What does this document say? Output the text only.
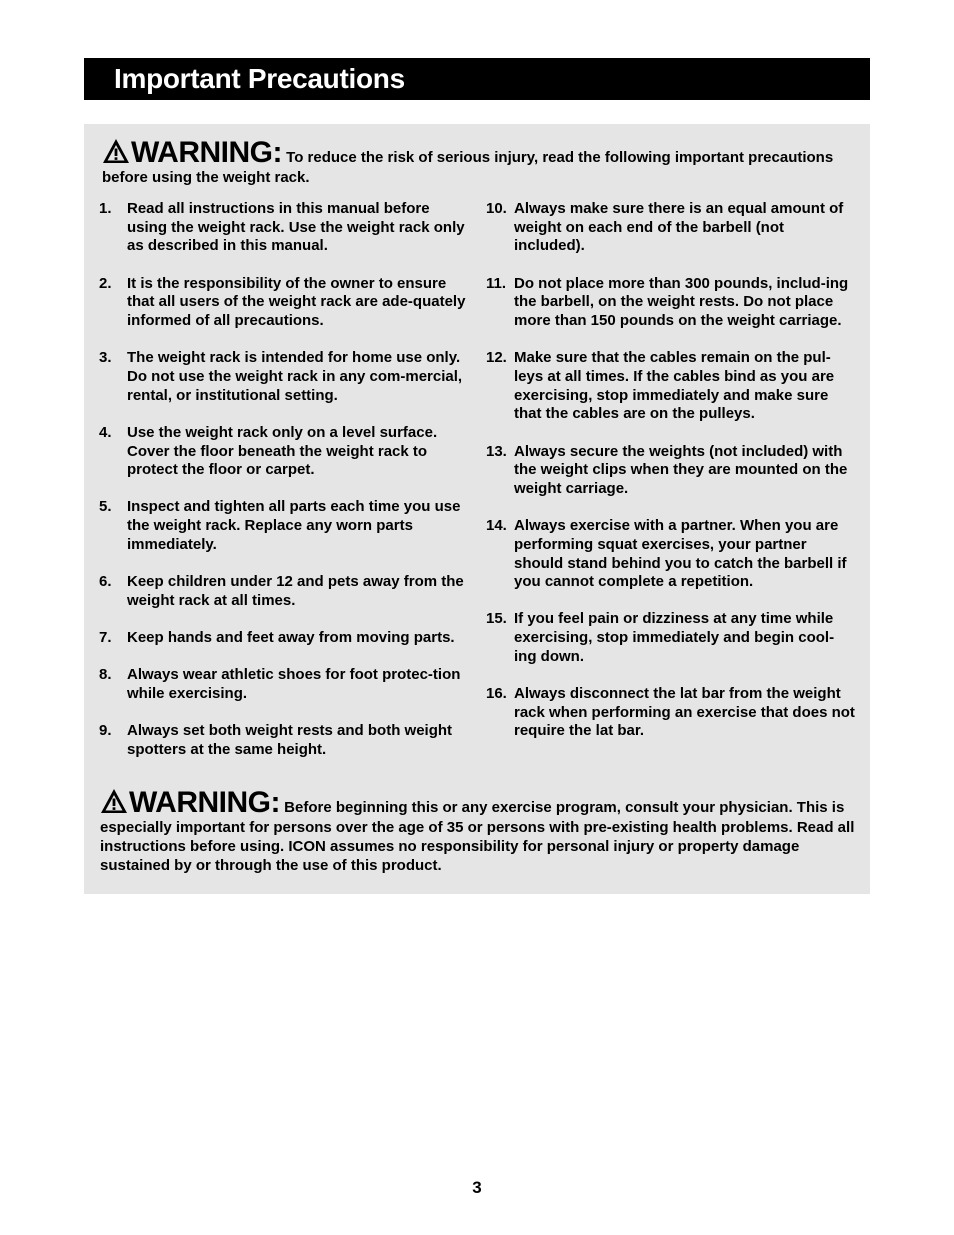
Important Precautions
WARNING: To reduce the risk of serious injury, read the following important precautions before using the weight rack.
1. Read all instructions in this manual before using the weight rack. Use the weight rack only as described in this manual.
2. It is the responsibility of the owner to ensure that all users of the weight rack are ade-quately informed of all precautions.
3. The weight rack is intended for home use only. Do not use the weight rack in any com-mercial, rental, or institutional setting.
4. Use the weight rack only on a level surface. Cover the floor beneath the weight rack to protect the floor or carpet.
5. Inspect and tighten all parts each time you use the weight rack. Replace any worn parts immediately.
6. Keep children under 12 and pets away from the weight rack at all times.
7. Keep hands and feet away from moving parts.
8. Always wear athletic shoes for foot protec-tion while exercising.
9. Always set both weight rests and both weight spotters at the same height.
10. Always make sure there is an equal amount of weight on each end of the barbell (not included).
11. Do not place more than 300 pounds, includ-ing the barbell, on the weight rests. Do not place more than 150 pounds on the weight carriage.
12. Make sure that the cables remain on the pul-leys at all times. If the cables bind as you are exercising, stop immediately and make sure that the cables are on the pulleys.
13. Always secure the weights (not included) with the weight clips when they are mounted on the weight carriage.
14. Always exercise with a partner. When you are performing squat exercises, your partner should stand behind you to catch the barbell if you cannot complete a repetition.
15. If you feel pain or dizziness at any time while exercising, stop immediately and begin cool-ing down.
16. Always disconnect the lat bar from the weight rack when performing an exercise that does not require the lat bar.
WARNING: Before beginning this or any exercise program, consult your physician. This is especially important for persons over the age of 35 or persons with pre-existing health problems. Read all instructions before using. ICON assumes no responsibility for personal injury or property damage sustained by or through the use of this product.
3
